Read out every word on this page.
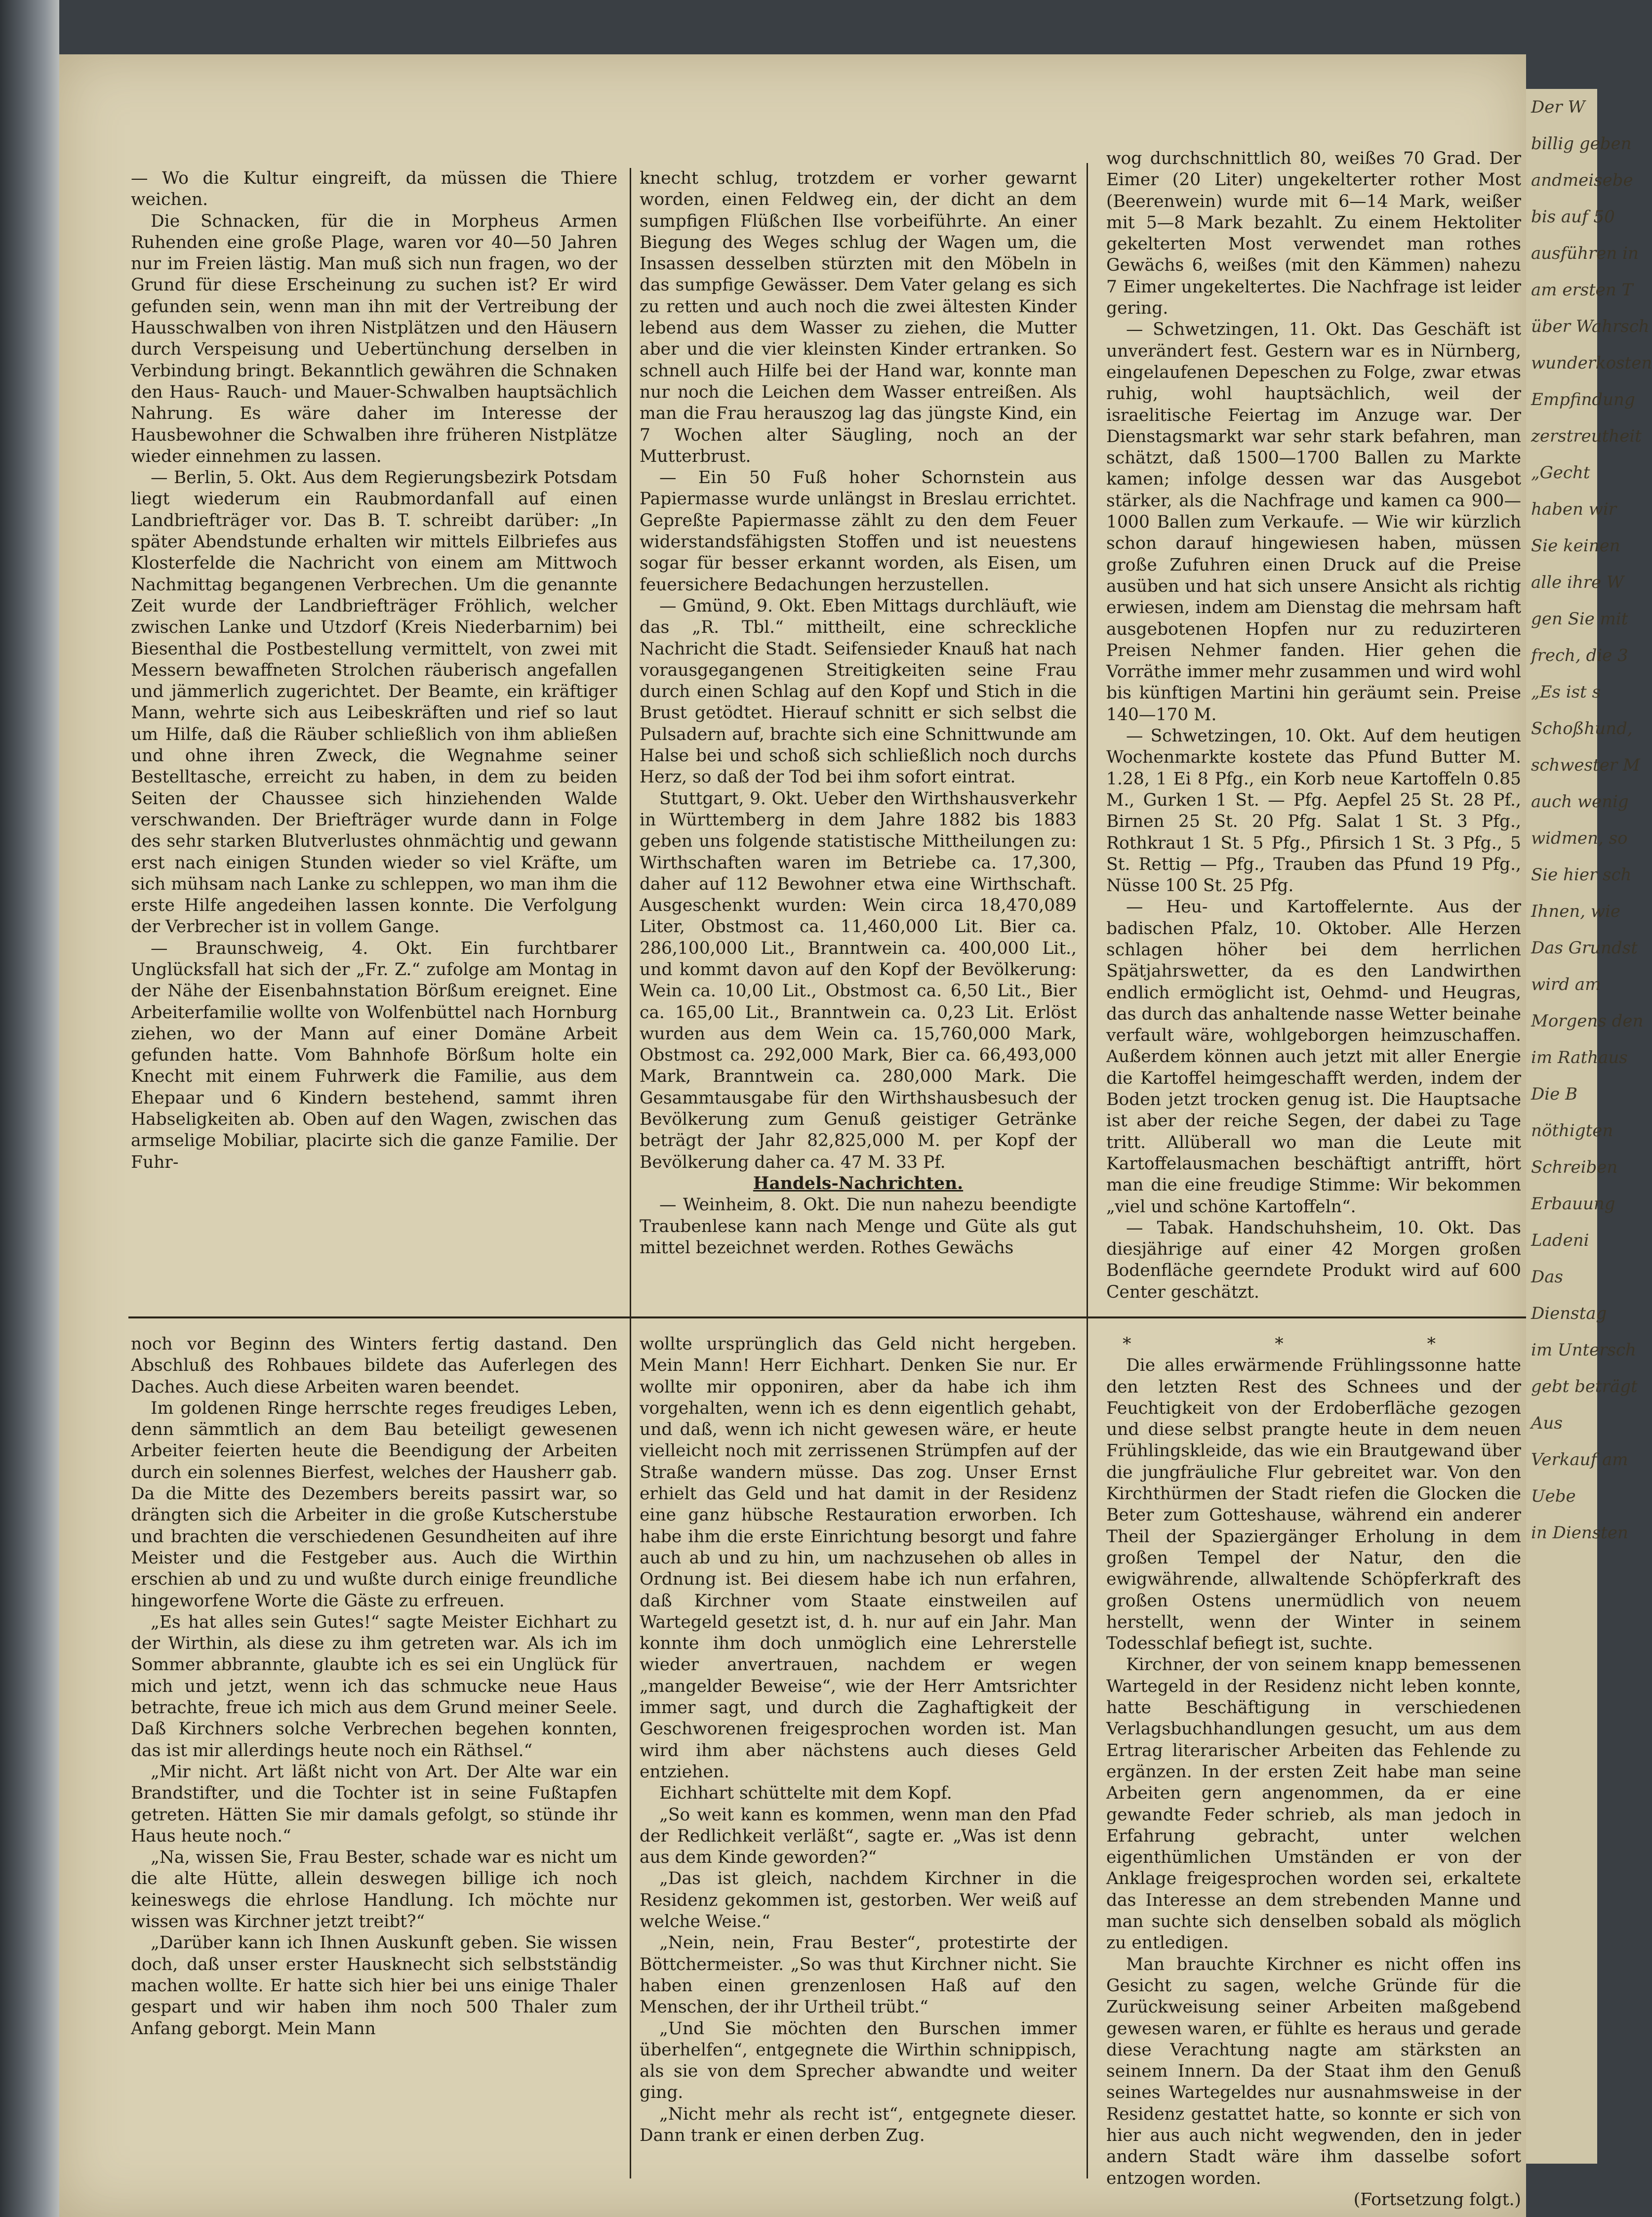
— Wo die Kultur eingreift, da müssen die Thiere weichen.

Die Schnacken, für die in Morpheus Armen Ruhenden eine große Plage, waren vor 40—50 Jahren nur im Freien lästig. Man muß sich nun fragen, wo der Grund für diese Erscheinung zu suchen ist? Er wird gefunden sein, wenn man ihn mit der Vertreibung der Hausschwalben von ihren Nistplätzen und den Häusern durch Verspeisung und Uebertünchung derselben in Verbindung bringt. Bekanntlich gewähren die Schnaken den Haus- Rauch- und Mauer-Schwalben hauptsächlich Nahrung. Es wäre daher im Interesse der Hausbewohner die Schwalben ihre früheren Nistplätze wieder einnehmen zu lassen.

— Berlin, 5. Okt. Aus dem Regierungsbezirk Potsdam liegt wiederum ein Raubmordanfall auf einen Landbriefträger vor. Das B. T. schreibt darüber: „In später Abendstunde erhalten wir mittels Eilbriefes aus Klosterfelde die Nachricht von einem am Mittwoch Nachmittag begangenen Verbrechen. Um die genannte Zeit wurde der Landbriefträger Fröhlich, welcher zwischen Lanke und Utzdorf (Kreis Niederbarnim) bei Biesenthal die Postbestellung vermittelt, von zwei mit Messern bewaffneten Strolchen räuberisch angefallen und jämmerlich zugerichtet. Der Beamte, ein kräftiger Mann, wehrte sich aus Leibeskräften und rief so laut um Hilfe, daß die Räuber schließlich von ihm abließen und ohne ihren Zweck, die Wegnahme seiner Bestelltasche, erreicht zu haben, in dem zu beiden Seiten der Chaussee sich hinziehenden Walde verschwanden. Der Briefträger wurde dann in Folge des sehr starken Blutverlustes ohnmächtig und gewann erst nach einigen Stunden wieder so viel Kräfte, um sich mühsam nach Lanke zu schleppen, wo man ihm die erste Hilfe angedeihen lassen konnte. Die Verfolgung der Verbrecher ist in vollem Gange.

— Braunschweig, 4. Okt. Ein furchtbarer Unglücksfall hat sich der „Fr. Z.“ zufolge am Montag in der Nähe der Eisenbahnstation Börßum ereignet. Eine Arbeiterfamilie wollte von Wolfenbüttel nach Hornburg ziehen, wo der Mann auf einer Domäne Arbeit gefunden hatte. Vom Bahnhofe Börßum holte ein Knecht mit einem Fuhrwerk die Familie, aus dem Ehepaar und 6 Kindern bestehend, sammt ihren Habseligkeiten ab. Oben auf den Wagen, zwischen das armselige Mobiliar, placirte sich die ganze Familie. Der Fuhr-

knecht schlug, trotzdem er vorher gewarnt worden, einen Feldweg ein, der dicht an dem sumpfigen Flüßchen Ilse vorbeiführte. An einer Biegung des Weges schlug der Wagen um, die Insassen desselben stürzten mit den Möbeln in das sumpfige Gewässer. Dem Vater gelang es sich zu retten und auch noch die zwei ältesten Kinder lebend aus dem Wasser zu ziehen, die Mutter aber und die vier kleinsten Kinder ertranken. So schnell auch Hilfe bei der Hand war, konnte man nur noch die Leichen dem Wasser entreißen. Als man die Frau herauszog lag das jüngste Kind, ein 7 Wochen alter Säugling, noch an der Mutterbrust.

— Ein 50 Fuß hoher Schornstein aus Papiermasse wurde unlängst in Breslau errichtet. Gepreßte Papiermasse zählt zu den dem Feuer widerstandsfähigsten Stoffen und ist neuestens sogar für besser erkannt worden, als Eisen, um feuersichere Bedachungen herzustellen.

— Gmünd, 9. Okt. Eben Mittags durchläuft, wie das „R. Tbl.“ mittheilt, eine schreckliche Nachricht die Stadt. Seifensieder Knauß hat nach vorausgegangenen Streitigkeiten seine Frau durch einen Schlag auf den Kopf und Stich in die Brust getödtet. Hierauf schnitt er sich selbst die Pulsadern auf, brachte sich eine Schnittwunde am Halse bei und schoß sich schließlich noch durchs Herz, so daß der Tod bei ihm sofort eintrat.

Stuttgart, 9. Okt. Ueber den Wirthshausverkehr in Württemberg in dem Jahre 1882 bis 1883 geben uns folgende statistische Mittheilungen zu: Wirthschaften waren im Betriebe ca. 17,300, daher auf 112 Bewohner etwa eine Wirthschaft. Ausgeschenkt wurden: Wein circa 18,470,089 Liter, Obstmost ca. 11,460,000 Lit. Bier ca. 286,100,000 Lit., Branntwein ca. 400,000 Lit., und kommt davon auf den Kopf der Bevölkerung: Wein ca. 10,00 Lit., Obstmost ca. 6,50 Lit., Bier ca. 165,00 Lit., Branntwein ca. 0,23 Lit. Erlöst wurden aus dem Wein ca. 15,760,000 Mark, Obstmost ca. 292,000 Mark, Bier ca. 66,493,000 Mark, Branntwein ca. 280,000 Mark. Die Gesammtausgabe für den Wirthshausbesuch der Bevölkerung zum Genuß geistiger Getränke beträgt der Jahr 82,825,000 M. per Kopf der Bevölkerung daher ca. 47 M. 33 Pf.

Handels-Nachrichten.

— Weinheim, 8. Okt. Die nun nahezu beendigte Traubenlese kann nach Menge und Güte als gut mittel bezeichnet werden. Rothes Gewächs

wog durchschnittlich 80, weißes 70 Grad. Der Eimer (20 Liter) ungekelterter rother Most (Beerenwein) wurde mit 6—14 Mark, weißer mit 5—8 Mark bezahlt. Zu einem Hektoliter gekelterten Most verwendet man rothes Gewächs 6, weißes (mit den Kämmen) nahezu 7 Eimer ungekeltertes. Die Nachfrage ist leider gering.

— Schwetzingen, 11. Okt. Das Geschäft ist unverändert fest. Gestern war es in Nürnberg, eingelaufenen Depeschen zu Folge, zwar etwas ruhig, wohl hauptsächlich, weil der israelitische Feiertag im Anzuge war. Der Dienstagsmarkt war sehr stark befahren, man schätzt, daß 1500—1700 Ballen zu Markte kamen; infolge dessen war das Ausgebot stärker, als die Nachfrage und kamen ca 900—1000 Ballen zum Verkaufe. — Wie wir kürzlich schon darauf hingewiesen haben, müssen große Zufuhren einen Druck auf die Preise ausüben und hat sich unsere Ansicht als richtig erwiesen, indem am Dienstag die mehrsam haft ausgebotenen Hopfen nur zu reduzirteren Preisen Nehmer fanden. Hier gehen die Vorräthe immer mehr zusammen und wird wohl bis künftigen Martini hin geräumt sein. Preise 140—170 M.

— Schwetzingen, 10. Okt. Auf dem heutigen Wochenmarkte kostete das Pfund Butter M. 1.28, 1 Ei 8 Pfg., ein Korb neue Kartoffeln 0.85 M., Gurken 1 St. — Pfg. Aepfel 25 St. 28 Pf., Birnen 25 St. 20 Pfg. Salat 1 St. 3 Pfg., Rothkraut 1 St. 5 Pfg., Pfirsich 1 St. 3 Pfg., 5 St. Rettig — Pfg., Trauben das Pfund 19 Pfg., Nüsse 100 St. 25 Pfg.

— Heu- und Kartoffelernte. Aus der badischen Pfalz, 10. Oktober. Alle Herzen schlagen höher bei dem herrlichen Spätjahrswetter, da es den Landwirthen endlich ermöglicht ist, Oehmd- und Heugras, das durch das anhaltende nasse Wetter beinahe verfault wäre, wohlgeborgen heimzuschaffen. Außerdem können auch jetzt mit aller Energie die Kartoffel heimgeschafft werden, indem der Boden jetzt trocken genug ist. Die Hauptsache ist aber der reiche Segen, der dabei zu Tage tritt. Allüberall wo man die Leute mit Kartoffelausmachen beschäftigt antrifft, hört man die eine freudige Stimme: Wir bekommen „viel und schöne Kartoffeln“.

— Tabak. Handschuhsheim, 10. Okt. Das diesjährige auf einer 42 Morgen großen Bodenfläche geerndete Produkt wird auf 600 Center geschätzt.

noch vor Beginn des Winters fertig dastand. Den Abschluß des Rohbaues bildete das Auferlegen des Daches. Auch diese Arbeiten waren beendet.

Im goldenen Ringe herrschte reges freudiges Leben, denn sämmtlich an dem Bau beteiligt gewesenen Arbeiter feierten heute die Beendigung der Arbeiten durch ein solennes Bierfest, welches der Hausherr gab. Da die Mitte des Dezembers bereits passirt war, so drängten sich die Arbeiter in die große Kutscherstube und brachten die verschiedenen Gesundheiten auf ihre Meister und die Festgeber aus. Auch die Wirthin erschien ab und zu und wußte durch einige freundliche hingeworfene Worte die Gäste zu erfreuen.

„Es hat alles sein Gutes!“ sagte Meister Eichhart zu der Wirthin, als diese zu ihm getreten war. Als ich im Sommer abbrannte, glaubte ich es sei ein Unglück für mich und jetzt, wenn ich das schmucke neue Haus betrachte, freue ich mich aus dem Grund meiner Seele. Daß Kirchners solche Verbrechen begehen konnten, das ist mir allerdings heute noch ein Räthsel.“

„Mir nicht. Art läßt nicht von Art. Der Alte war ein Brandstifter, und die Tochter ist in seine Fußtapfen getreten. Hätten Sie mir damals gefolgt, so stünde ihr Haus heute noch.“

„Na, wissen Sie, Frau Bester, schade war es nicht um die alte Hütte, allein deswegen billige ich noch keineswegs die ehrlose Handlung. Ich möchte nur wissen was Kirchner jetzt treibt?“

„Darüber kann ich Ihnen Auskunft geben. Sie wissen doch, daß unser erster Hausknecht sich selbstständig machen wollte. Er hatte sich hier bei uns einige Thaler gespart und wir haben ihm noch 500 Thaler zum Anfang geborgt. Mein Mann

wollte ursprünglich das Geld nicht hergeben. Mein Mann! Herr Eichhart. Denken Sie nur. Er wollte mir opponiren, aber da habe ich ihm vorgehalten, wenn ich es denn eigentlich gehabt, und daß, wenn ich nicht gewesen wäre, er heute vielleicht noch mit zerrissenen Strümpfen auf der Straße wandern müsse. Das zog. Unser Ernst erhielt das Geld und hat damit in der Residenz eine ganz hübsche Restauration erworben. Ich habe ihm die erste Einrichtung besorgt und fahre auch ab und zu hin, um nachzusehen ob alles in Ordnung ist. Bei diesem habe ich nun erfahren, daß Kirchner vom Staate einstweilen auf Wartegeld gesetzt ist, d. h. nur auf ein Jahr. Man konnte ihm doch unmöglich eine Lehrerstelle wieder anvertrauen, nachdem er wegen „mangelder Beweise“, wie der Herr Amtsrichter immer sagt, und durch die Zaghaftigkeit der Geschworenen freigesprochen worden ist. Man wird ihm aber nächstens auch dieses Geld entziehen.

Eichhart schüttelte mit dem Kopf.

„So weit kann es kommen, wenn man den Pfad der Redlichkeit verläßt“, sagte er. „Was ist denn aus dem Kinde geworden?“

„Das ist gleich, nachdem Kirchner in die Residenz gekommen ist, gestorben. Wer weiß auf welche Weise.“

„Nein, nein, Frau Bester“, protestirte der Böttchermeister. „So was thut Kirchner nicht. Sie haben einen grenzenlosen Haß auf den Menschen, der ihr Urtheil trübt.“

„Und Sie möchten den Burschen immer überhelfen“, entgegnete die Wirthin schnippisch, als sie von dem Sprecher abwandte und weiter ging.

„Nicht mehr als recht ist“, entgegnete dieser. Dann trank er einen derben Zug.

* * *

Die alles erwärmende Frühlingssonne hatte den letzten Rest des Schnees und der Feuchtigkeit von der Erdoberfläche gezogen und diese selbst prangte heute in dem neuen Frühlingskleide, das wie ein Brautgewand über die jungfräuliche Flur gebreitet war. Von den Kirchthürmen der Stadt riefen die Glocken die Beter zum Gotteshause, während ein anderer Theil der Spaziergänger Erholung in dem großen Tempel der Natur, den die ewigwährende, allwaltende Schöpferkraft des großen Ostens unermüdlich von neuem herstellt, wenn der Winter in seinem Todesschlaf befiegt ist, suchte.

Kirchner, der von seinem knapp bemessenen Wartegeld in der Residenz nicht leben konnte, hatte Beschäftigung in verschiedenen Verlagsbuchhandlungen gesucht, um aus dem Ertrag literarischer Arbeiten das Fehlende zu ergänzen. In der ersten Zeit habe man seine Arbeiten gern angenommen, da er eine gewandte Feder schrieb, als man jedoch in Erfahrung gebracht, unter welchen eigenthümlichen Umständen er von der Anklage freigesprochen worden sei, erkaltete das Interesse an dem strebenden Manne und man suchte sich denselben sobald als möglich zu entledigen.

Man brauchte Kirchner es nicht offen ins Gesicht zu sagen, welche Gründe für die Zurückweisung seiner Arbeiten maßgebend gewesen waren, er fühlte es heraus und gerade diese Verachtung nagte am stärksten an seinem Innern. Da der Staat ihm den Genuß seines Wartegeldes nur ausnahmsweise in der Residenz gestattet hatte, so konnte er sich von hier aus auch nicht wegwenden, den in jeder andern Stadt wäre ihm dasselbe sofort entzogen worden.

(Fortsetzung folgt.)

Der W
billig geben
andmeisebe
bis auf 50
ausführen in
am ersten T
über Wahrsch
wunderkosten
Empfindung
zerstreutheit
„Gecht
haben wir
Sie keinen
alle ihre W
gen Sie mit
frech, die 3
„Es ist s
Schoßhund,
schwester M
auch wenig
widmen, so
Sie hier sch
Ihnen, wie
Das Grundst
wird am
Morgens den
im Rathaus
Die B
nöthigten
Schreiben
Erbauung
Ladeni
Das
Dienstag
im Untersch
gebt beträgt
Aus
Verkauf am
Uebe
in Diensten
